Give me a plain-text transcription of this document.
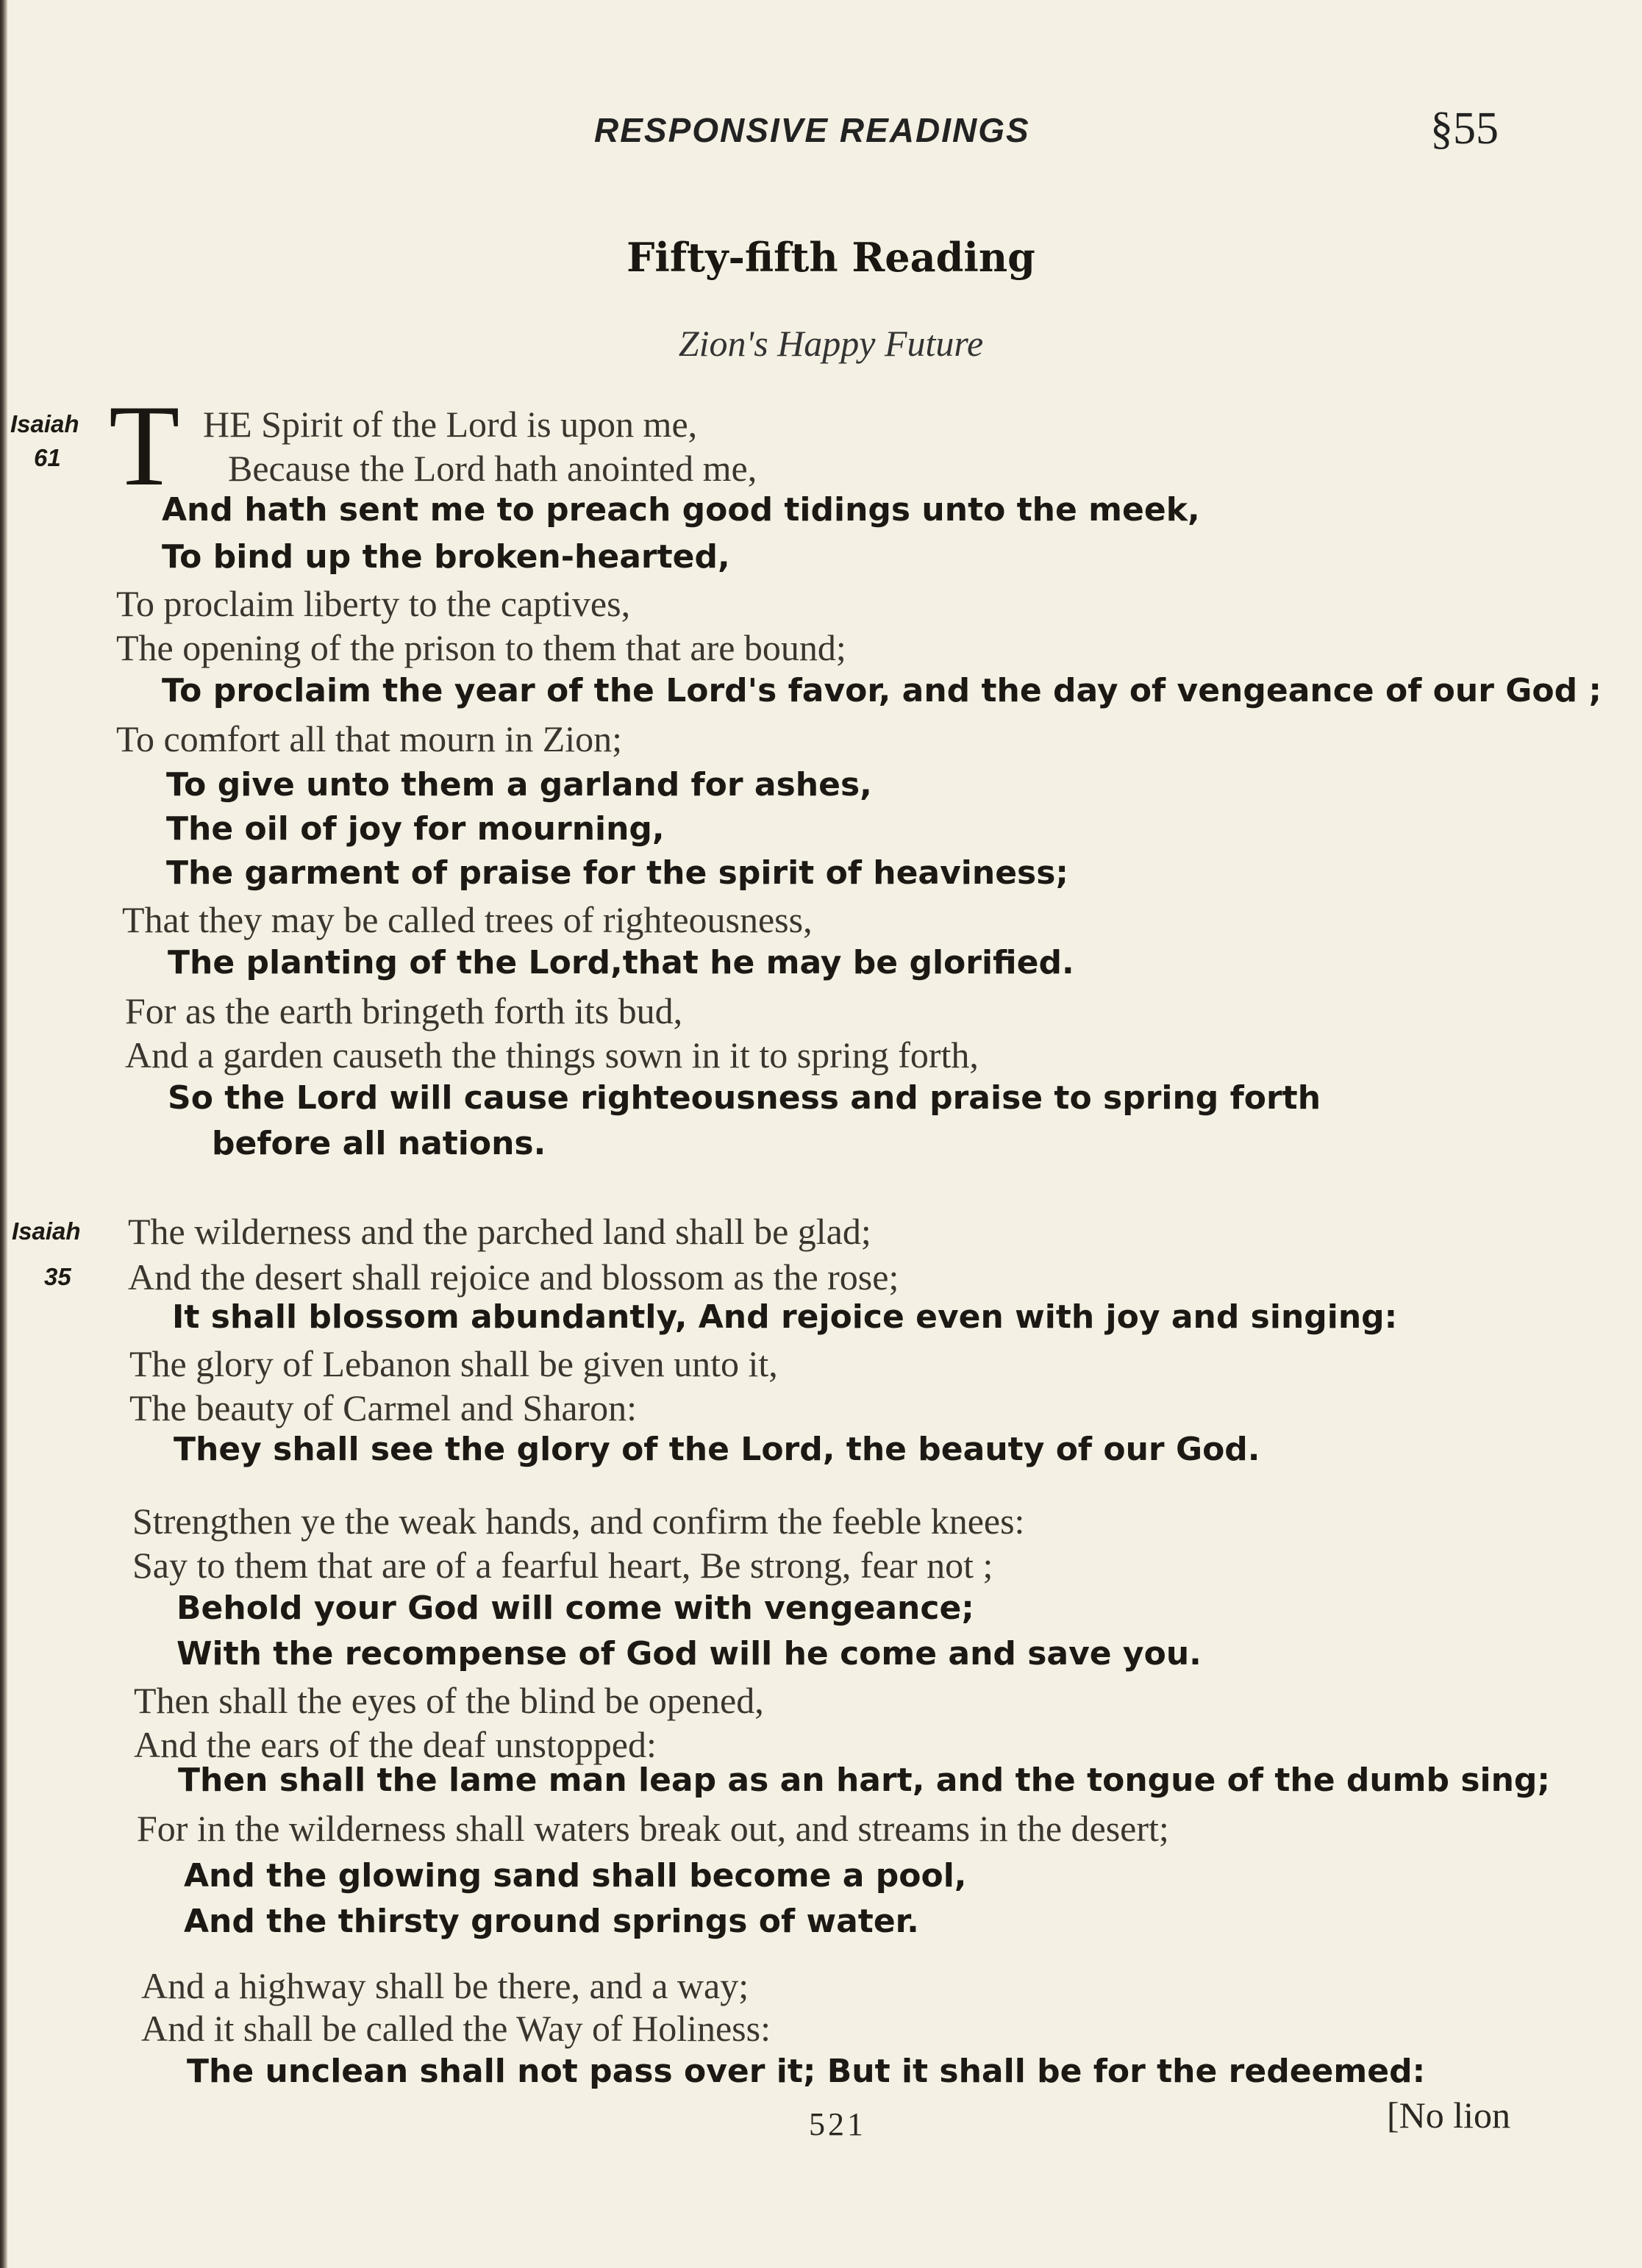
RESPONSIVE READINGS	§55
Fifty-fifth Reading
Zion's Happy Future
Isaiah
61
Isaiah
35
T HE Spirit of the Lord is upon me,
Because the Lord hath anointed me,
And hath sent me to preach good tidings unto the meek,
To bind up the broken-hearted,
To proclaim liberty to the captives,
The opening of the prison to them that are bound;
To proclaim the year of the Lord's favor, and the day of vengeance of our God ;
To comfort all that mourn in Zion;
To give unto them a garland for ashes,
The oil of joy for mourning,
The garment of praise for the spirit of heaviness;
That they may be called trees of righteousness,
The planting of the Lord,that he may be glorified.
For as the earth bringeth forth its bud,
And a garden causeth the things sown in it to spring forth,
So the Lord will cause righteousness and praise to spring forth
before all nations.
The wilderness and the parched land shall be glad;
And the desert shall rejoice and blossom as the rose;
It shall blossom abundantly, And rejoice even with joy and singing:
The glory of Lebanon shall be given unto it,
The beauty of Carmel and Sharon:
They shall see the glory of the Lord, the beauty of our God.
Strengthen ye the weak hands, and confirm the feeble knees:
Say to them that are of a fearful heart, Be strong, fear not ;
Behold your God will come with vengeance;
With the recompense of God will he come and save you.
Then shall the eyes of the blind be opened,
And the ears of the deaf unstopped:
Then shall the lame man leap as an hart, and the tongue of the dumb sing;
For in the wilderness shall waters break out, and streams in the desert;
And the glowing sand shall become a pool,
And the thirsty ground springs of water.
And a highway shall be there, and a way;
And it shall be called the Way of Holiness:
The unclean shall not pass over it; But it shall be for the redeemed:
521	[No lion
